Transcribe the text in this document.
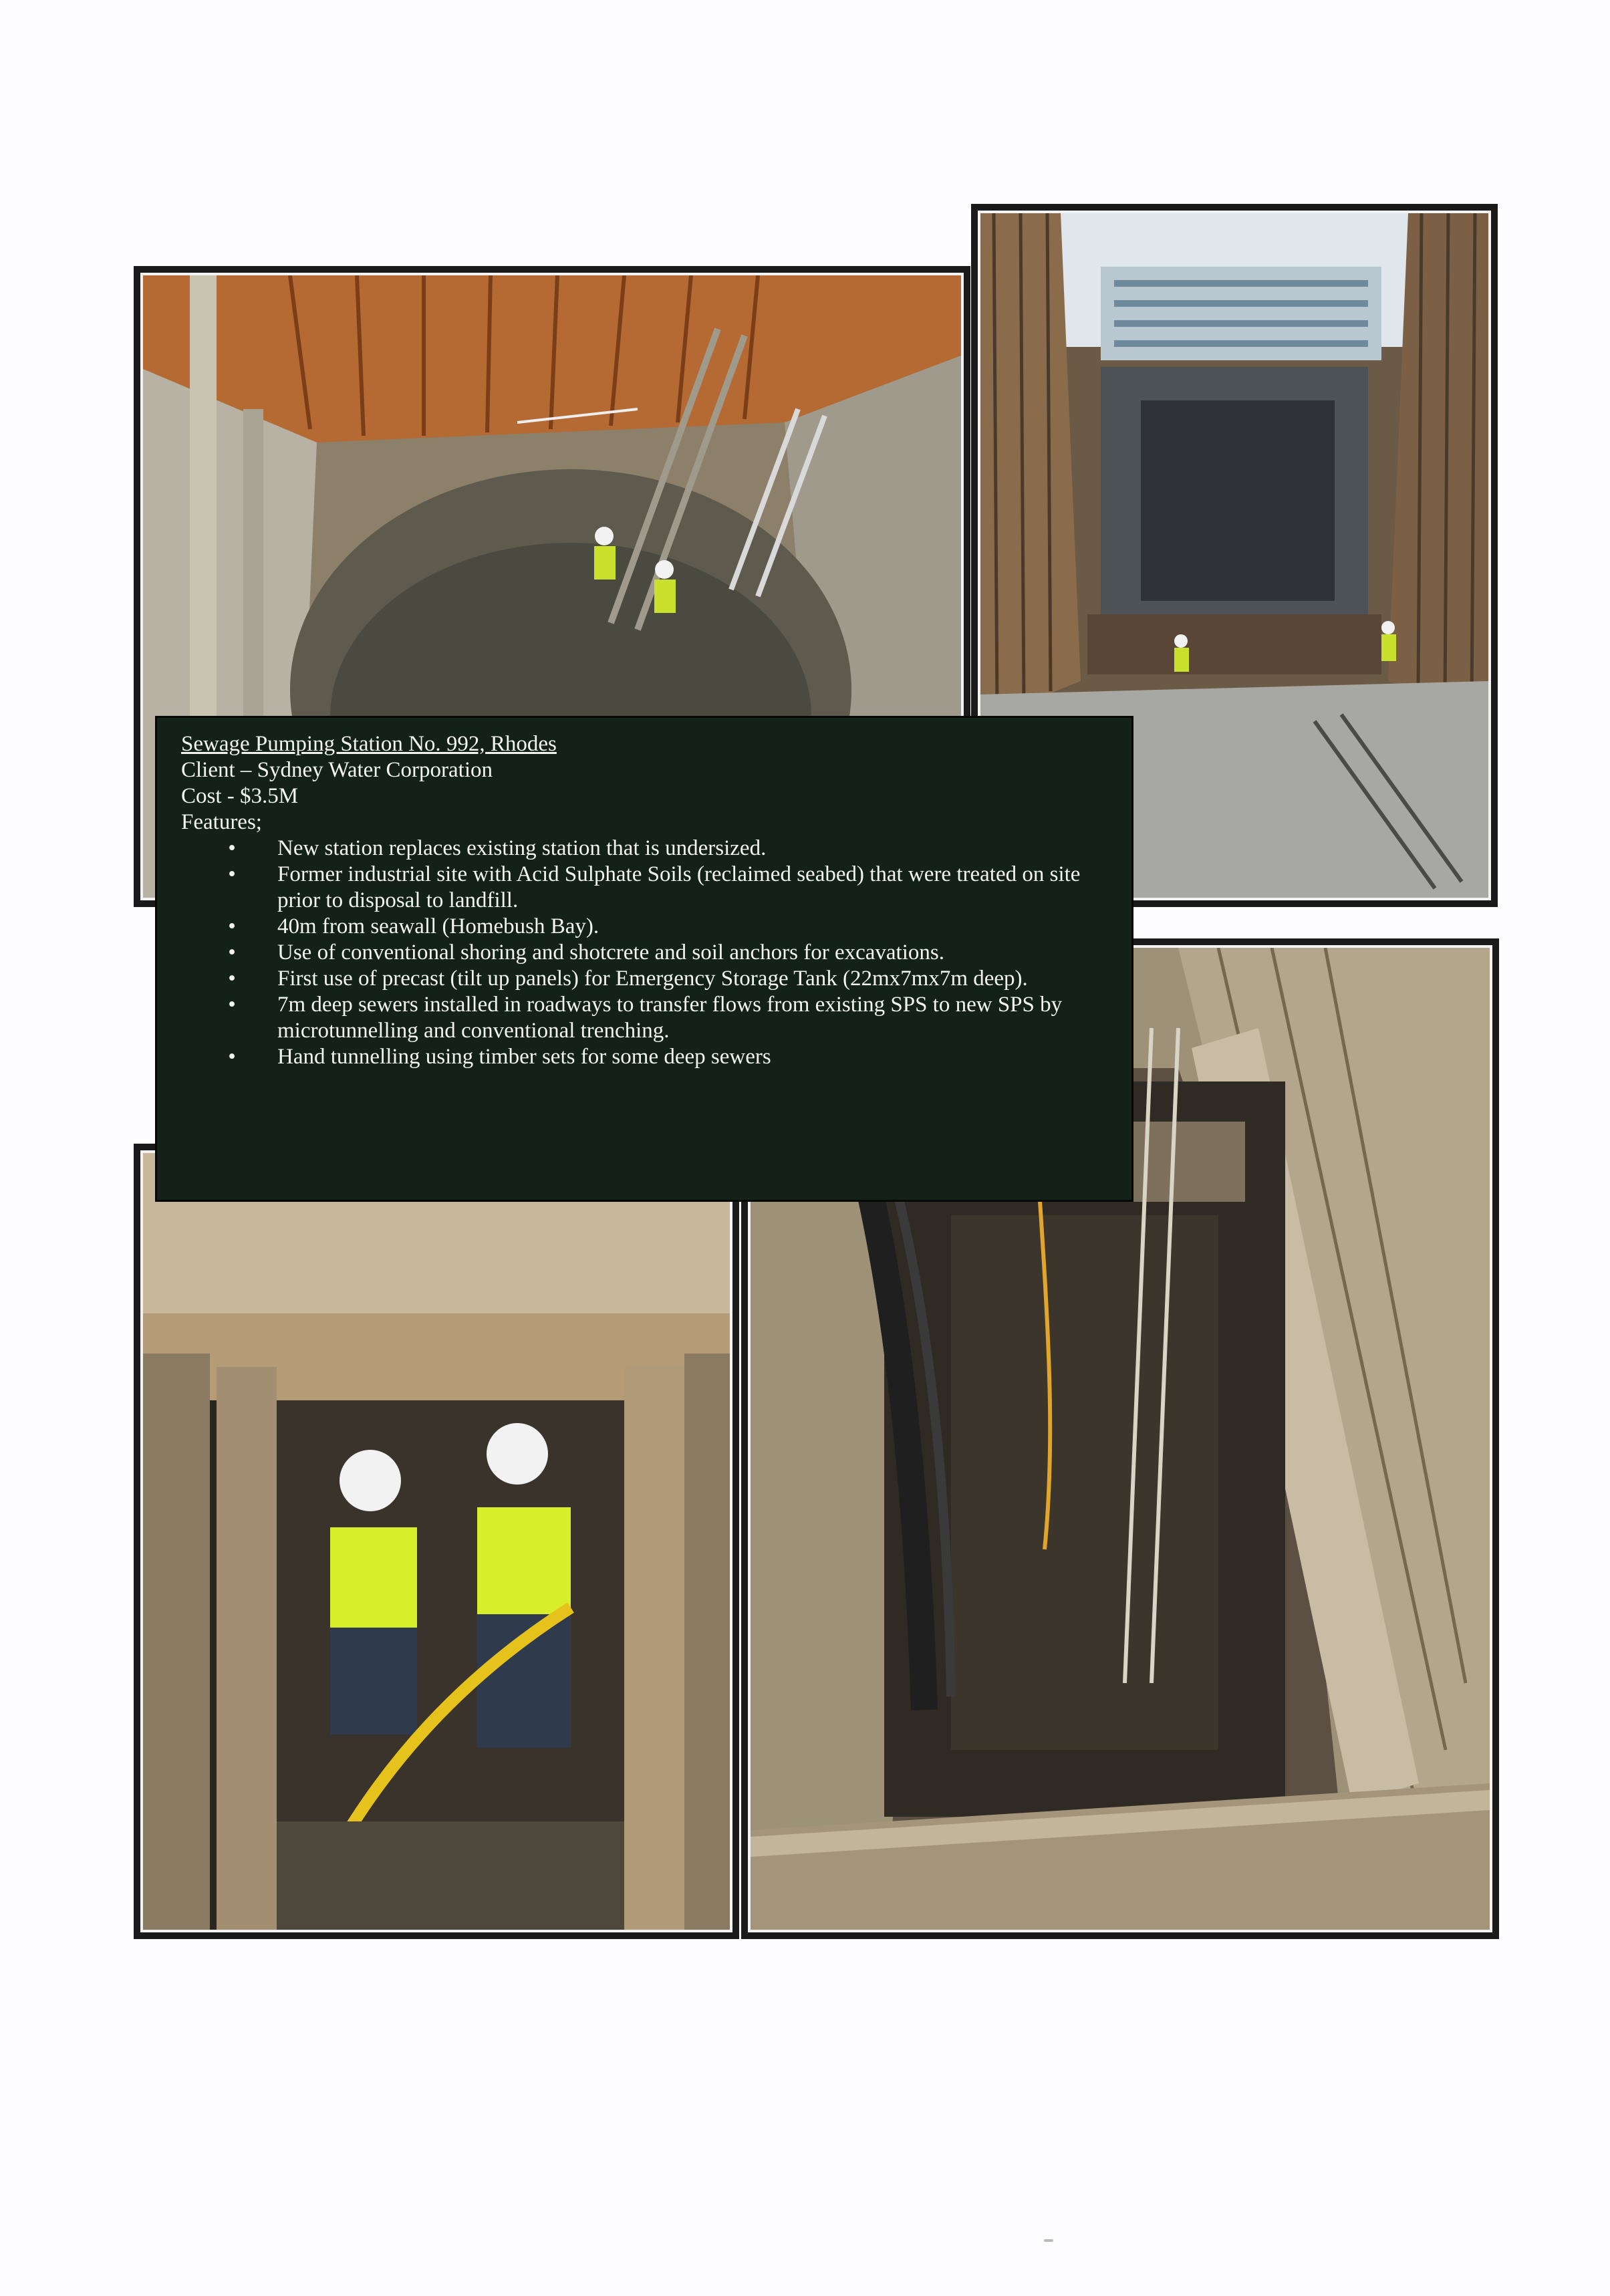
Sewage Pumping Station No. 992, Rhodes

Client – Sydney Water Corporation

Cost - $3.5M

Features;

• New station replaces existing station that is undersized.
• Former industrial site with Acid Sulphate Soils (reclaimed seabed) that were treated on site prior to disposal to landfill.
• 40m from seawall (Homebush Bay).
• Use of conventional shoring and shotcrete and soil anchors for excavations.
• First use of precast (tilt up panels) for Emergency Storage Tank (22mx7mx7m deep).
• 7m deep sewers installed in roadways to transfer flows from existing SPS to new SPS by microtunnelling and conventional trenching.
• Hand tunnelling using timber sets for some deep sewers
